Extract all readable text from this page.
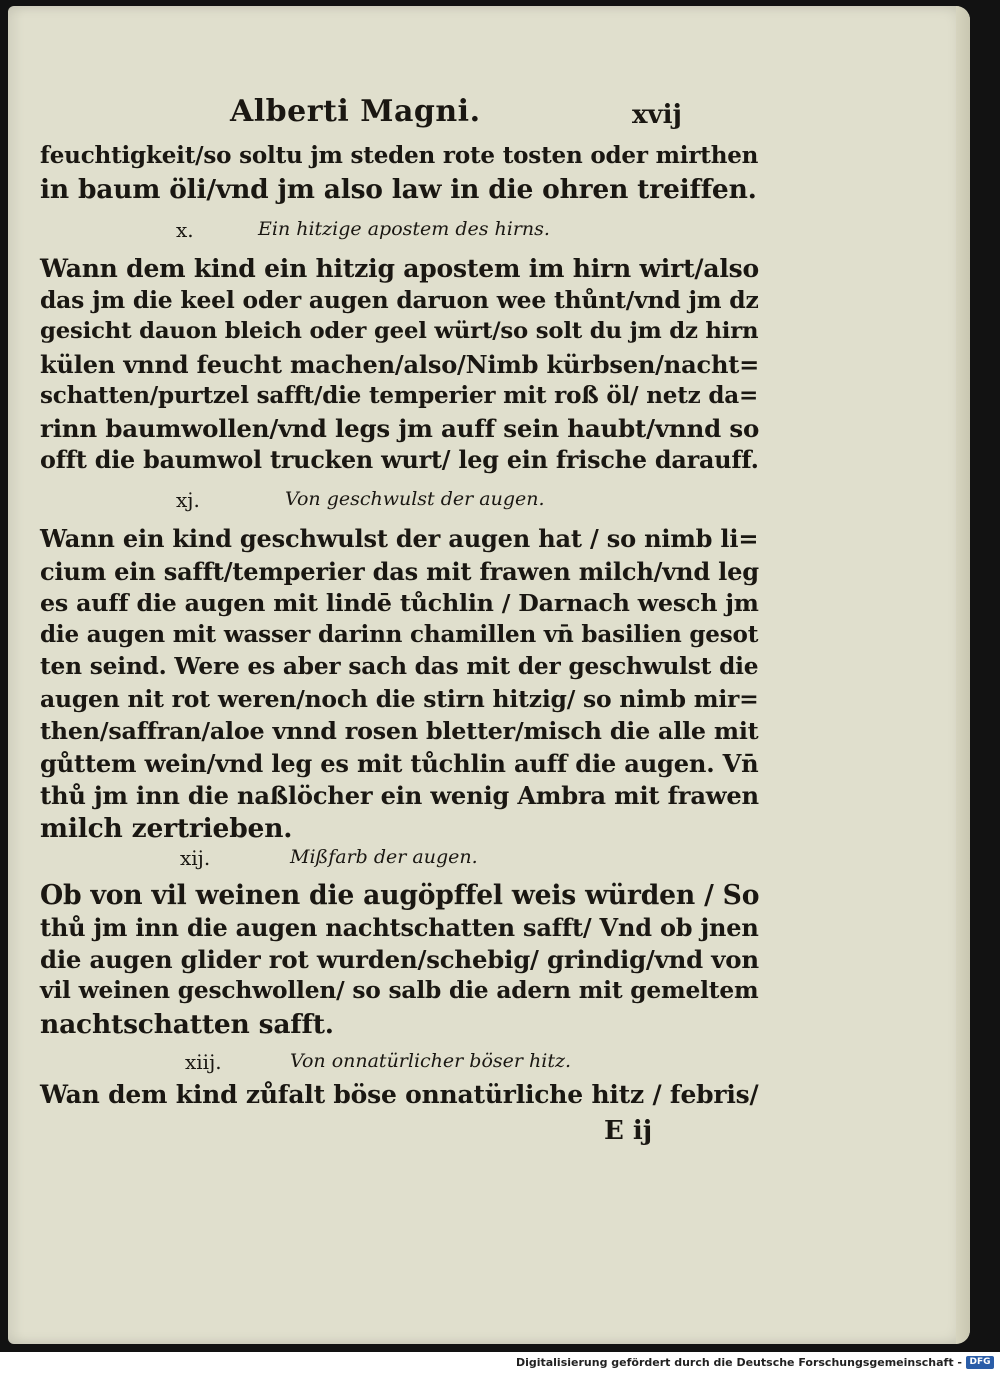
Alberti Magni.	xvij
feuchtigkeit/so soltu jm steden rote tosten oder mirthen
in baum öli/vnd jm also law in die ohren treiffen.
x.	Ein hitzige apostem des hirns.
Wann dem kind ein hitzig apostem im hirn wirt/also
das jm die keel oder augen daruon wee thůnt/vnd jm dz
gesicht dauon bleich oder geel würt/so solt du jm dz hirn
külen vnnd feucht machen/also/Nimb kürbsen/nacht=
schatten/purtzel safft/die temperier mit roß öl/ netz da=
rinn baumwollen/vnd legs jm auff sein haubt/vnnd so
offt die baumwol trucken wurt/ leg ein frische darauff.
xj.	Von geschwulst der augen.
Wann ein kind geschwulst der augen hat / so nimb li=
cium ein safft/temperier das mit frawen milch/vnd leg
es auff die augen mit lindē tůchlin / Darnach wesch jm
die augen mit wasser darinn chamillen vn̄ basilien gesot
ten seind. Were es aber sach das mit der geschwulst die
augen nit rot weren/noch die stirn hitzig/ so nimb mir=
then/saffran/aloe vnnd rosen bletter/misch die alle mit
gůttem wein/vnd leg es mit tůchlin auff die augen. Vn̄
thů jm inn die naßlöcher ein wenig Ambra mit frawen
milch zertrieben.
xij.	Mißfarb der augen.
Ob von vil weinen die augöpffel weis würden / So
thů jm inn die augen nachtschatten safft/ Vnd ob jnen
die augen glider rot wurden/schebig/ grindig/vnd von
vil weinen geschwollen/ so salb die adern mit gemeltem
nachtschatten safft.
xiij.	Von onnatürlicher böser hitz.
Wan dem kind zůfalt böse onnatürliche hitz / febris/
E ij
Digitalisierung gefördert durch die Deutsche Forschungsgemeinschaft - DFG
